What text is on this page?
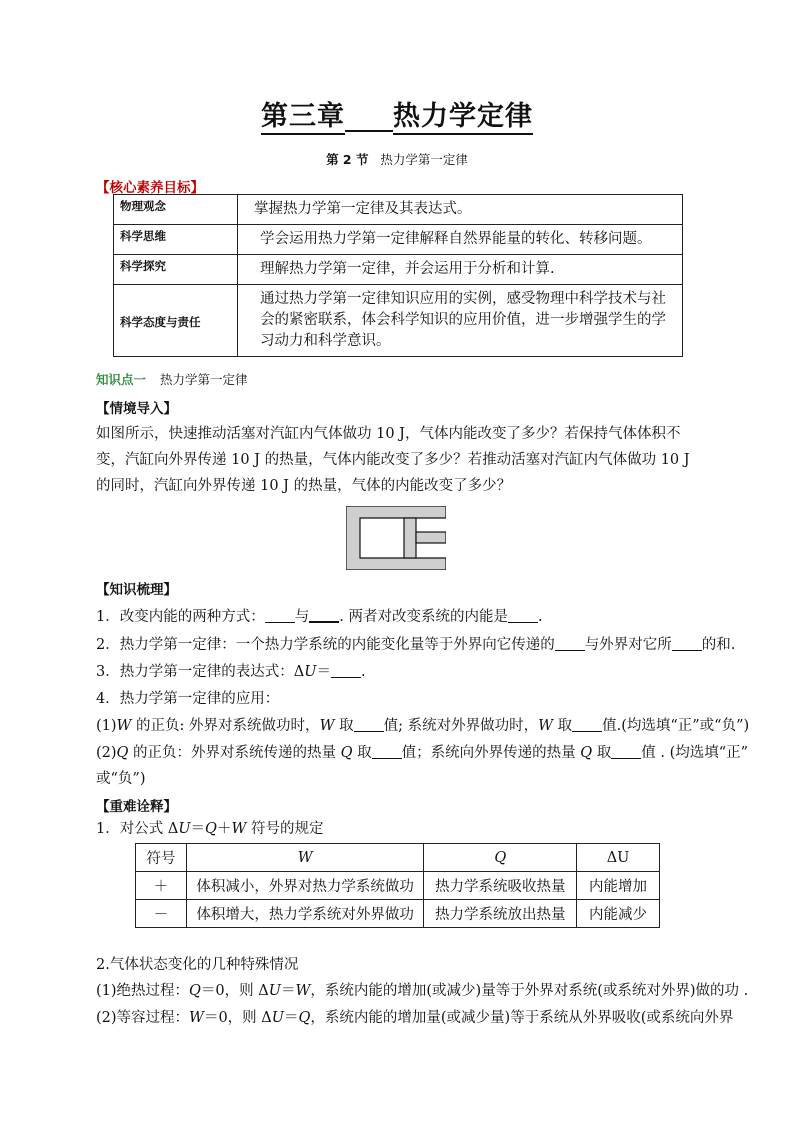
第三章 热力学定律
第 2 节 热力学第一定律
【核心素养目标】
物理观念	掌握热力学第一定律及其表达式。
科学思维	学会运用热力学第一定律解释自然界能量的转化、转移问题。
科学探究	理解热力学第一定律，并会运用于分析和计算.
科学态度与责任	通过热力学第一定律知识应用的实例，感受物理中科学技术与社会的紧密联系，体会科学知识的应用价值，进一步增强学生的学习动力和科学意识。
知识点一 热力学第一定律
【情境导入】
如图所示，快速推动活塞对汽缸内气体做功 10 J，气体内能改变了多少？若保持气体体积不变，汽缸向外界传递 10 J 的热量，气体内能改变了多少？若推动活塞对汽缸内气体做功 10 J 的同时，汽缸向外界传递 10 J 的热量，气体的内能改变了多少？
【知识梳理】
1．改变内能的两种方式： 与 . 两者对改变系统的内能是 .
2．热力学第一定律：一个热力学系统的内能变化量等于外界向它传递的 与外界对它所 的和.
3．热力学第一定律的表达式：ΔU＝ .
4．热力学第一定律的应用：
(1)W 的正负: 外界对系统做功时，W 取 值; 系统对外界做功时，W 取 值.(均选填“正”或“负”)
(2)Q 的正负：外界对系统传递的热量 Q 取 值；系统向外界传递的热量 Q 取 值 . (均选填“正”
或“负”)
【重难诠释】
1．对公式 ΔU＝Q＋W 符号的规定
符号	W	Q	ΔU
＋	体积减小，外界对热力学系统做功	热力学系统吸收热量	内能增加
－	体积增大，热力学系统对外界做功	热力学系统放出热量	内能减少
2.气体状态变化的几种特殊情况
(1)绝热过程：Q＝0，则 ΔU＝W，系统内能的增加(或减少)量等于外界对系统(或系统对外界)做的功 .
(2)等容过程：W＝0，则 ΔU＝Q，系统内能的增加量(或减少量)等于系统从外界吸收(或系统向外界
